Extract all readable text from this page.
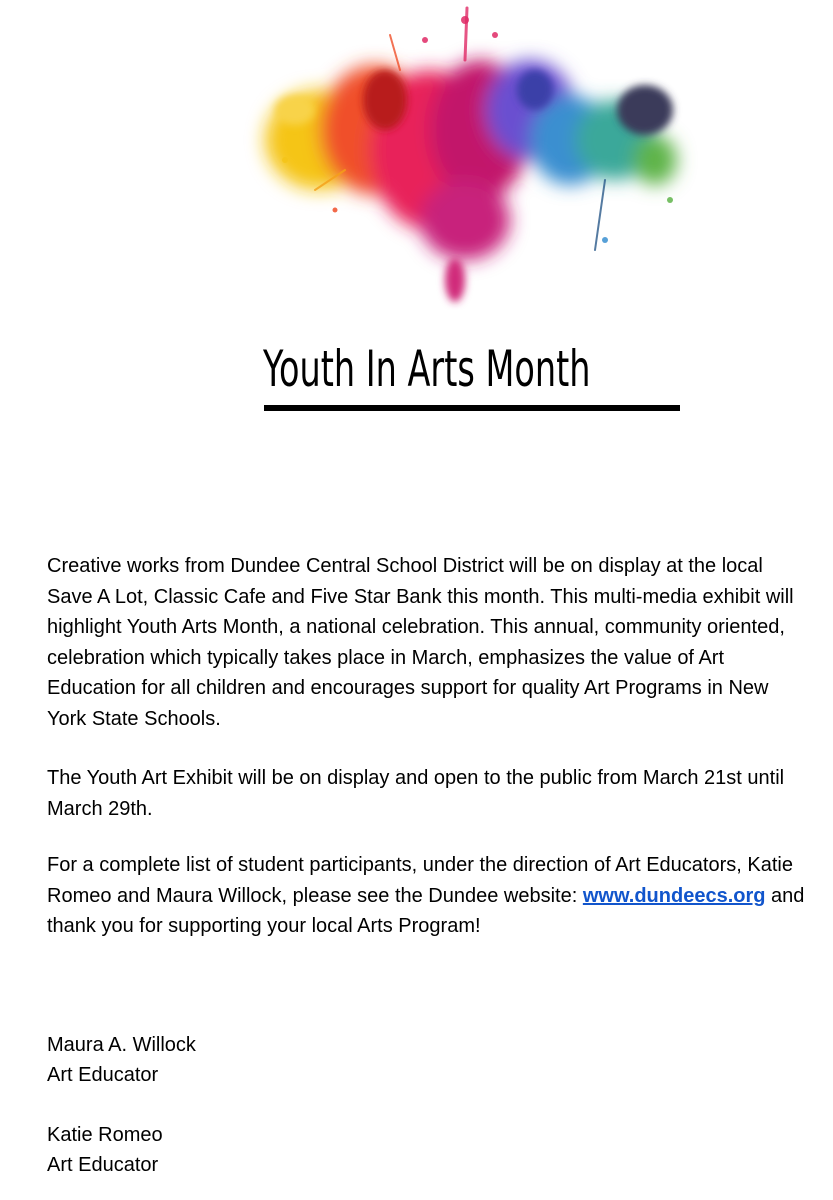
Youth In Arts Month

Creative works from Dundee Central School District will be on display at the local Save A Lot, Classic Cafe and Five Star Bank this month. This multi-media exhibit will highlight Youth Arts Month, a national celebration. This annual, community oriented, celebration which typically takes place in March, emphasizes the value of Art Education for all children and encourages support for quality Art Programs in New York State Schools.

The Youth Art Exhibit will be on display and open to the public from March 21st until March 29th.

For a complete list of student participants, under the direction of Art Educators, Katie Romeo and Maura Willock, please see the Dundee website: www.dundeecs.org and thank you for supporting your local Arts Program!

Maura A. Willock
Art Educator
Katie Romeo
Art Educator
